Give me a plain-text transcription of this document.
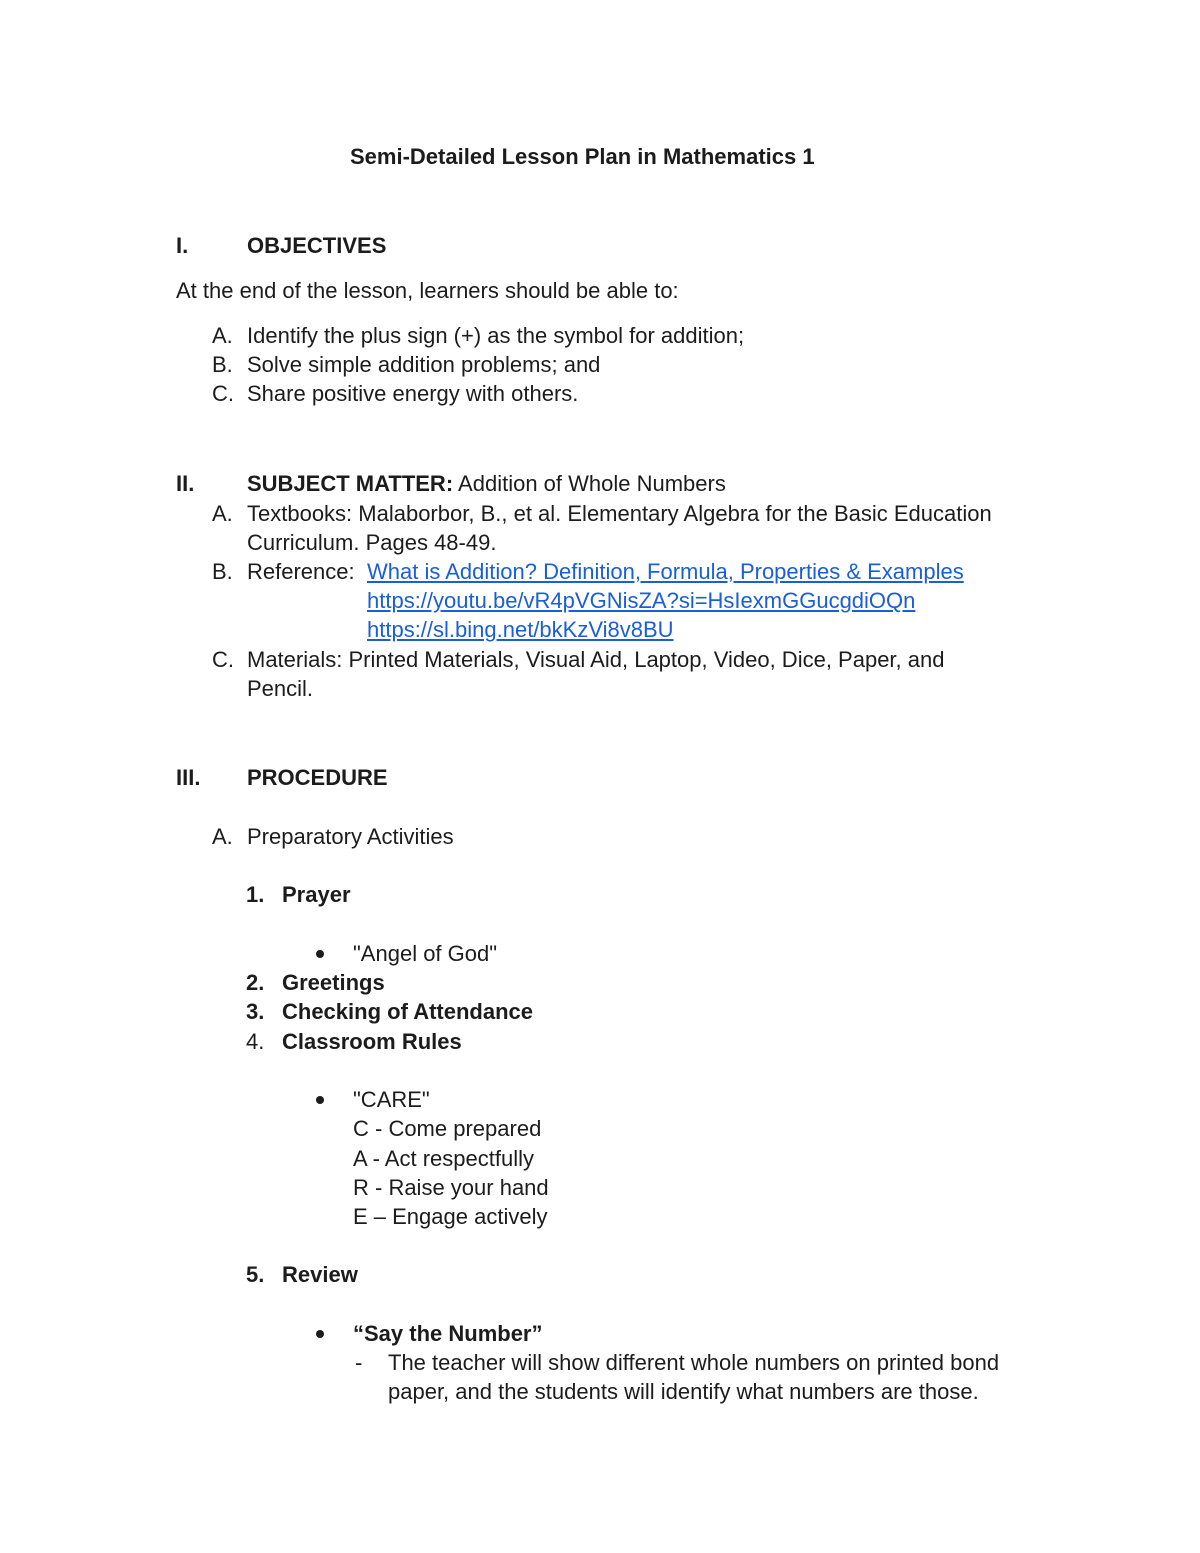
Semi-Detailed Lesson Plan in Mathematics 1
I.	OBJECTIVES
At the end of the lesson, learners should be able to:
A. Identify the plus sign (+) as the symbol for addition;
B. Solve simple addition problems; and
C. Share positive energy with others.
II. SUBJECT MATTER: Addition of Whole Numbers
A. Textbooks: Malaborbor, B., et al. Elementary Algebra for the Basic Education
Curriculum. Pages 48-49.
B. Reference: What is Addition? Definition, Formula, Properties & Examples
https://youtu.be/vR4pVGNisZA?si=HsIexmGGucgdiOQn
https://sl.bing.net/bkKzVi8v8BU
C. Materials: Printed Materials, Visual Aid, Laptop, Video, Dice, Paper, and
Pencil.
III. PROCEDURE
A. Preparatory Activities
1. Prayer
"Angel of God"
2. Greetings
3. Checking of Attendance
4. Classroom Rules
"CARE"
C - Come prepared
A - Act respectfully
R - Raise your hand
E – Engage actively
5. Review
“Say the Number”
- The teacher will show different whole numbers on printed bond
paper, and the students will identify what numbers are those.
